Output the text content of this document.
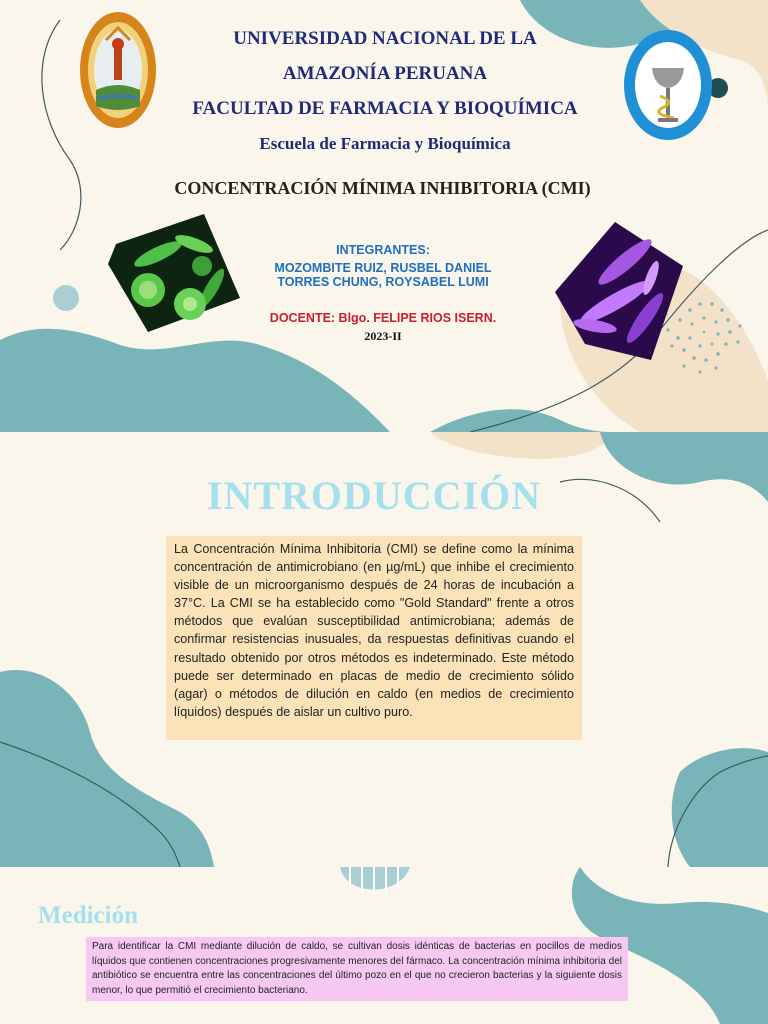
UNIVERSIDAD NACIONAL DE LA
AMAZONÍA PERUANA
FACULTAD DE FARMACIA Y BIOQUÍMICA
Escuela de Farmacia y Bioquímica
CONCENTRACIÓN MÍNIMA INHIBITORIA (CMI)
INTEGRANTES:
MOZOMBITE RUIZ, RUSBEL DANIEL
TORRES CHUNG, ROYSABEL LUMI
DOCENTE: Blgo. FELIPE RIOS ISERN.
2023-II
INTRODUCCIÓN
La Concentración Mínima Inhibitoria (CMI) se define como la mínima concentración de antimicrobiano (en µg/mL) que inhibe el crecimiento visible de un microorganismo después de 24 horas de incubación a 37°C. La CMI se ha establecido como "Gold Standard" frente a otros métodos que evalúan susceptibilidad antimicrobiana; además de confirmar resistencias inusuales, da respuestas definitivas cuando el resultado obtenido por otros métodos es indeterminado. Este método puede ser determinado en placas de medio de crecimiento sólido (agar) o métodos de dilución en caldo (en medios de crecimiento líquidos) después de aislar un cultivo puro.
Medición
Para identificar la CMI mediante dilución de caldo, se cultivan dosis idénticas de bacterias en pocillos de medios líquidos que contienen concentraciones progresivamente menores del fármaco. La concentración mínima inhibitoria del antibiótico se encuentra entre las concentraciones del último pozo en el que no crecieron bacterias y la siguiente dosis menor, lo que permitió el crecimiento bacteriano.
